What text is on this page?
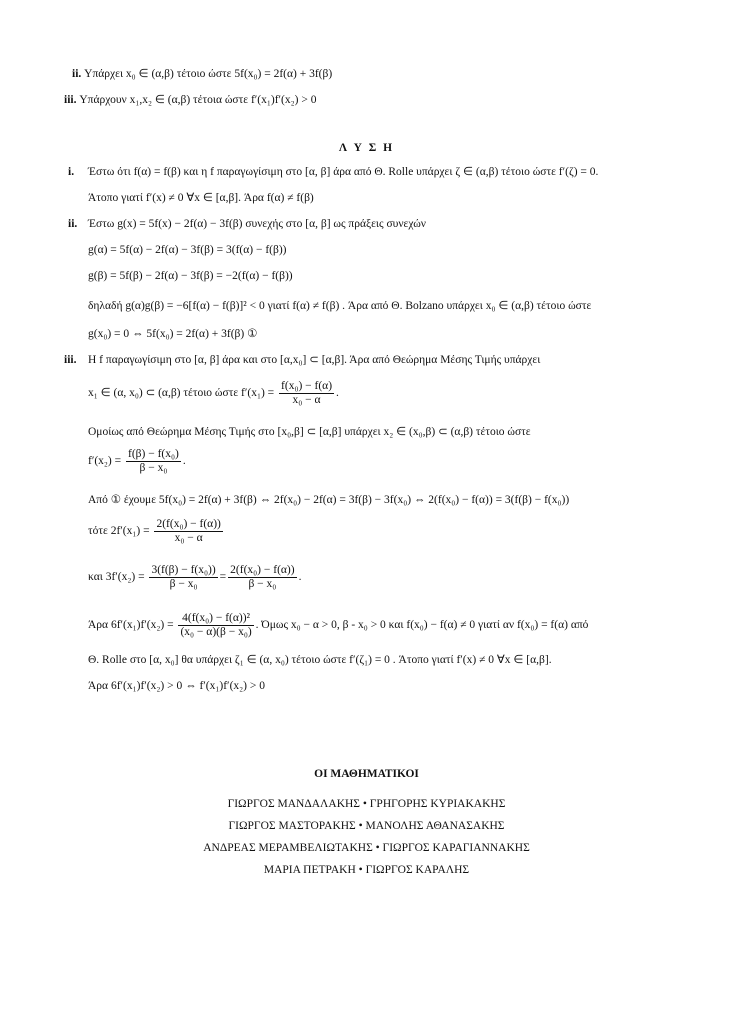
ii. Υπάρχει x₀ ∈ (α,β) τέτοιο ώστε 5f(x₀) = 2f(α) + 3f(β)
iii. Υπάρχουν x₁,x₂ ∈ (α,β) τέτοια ώστε f′(x₁)f′(x₂) > 0
Λ Υ Σ Η
i. Έστω ότι f(α) = f(β) και η f παραγωγίσιμη στο [α, β] άρα από Θ. Rolle υπάρχει ζ ∈ (α,β) τέτοιο ώστε f′(ζ) = 0.
Άτοπο γιατί f′(x) ≠ 0 ∀x ∈ [α,β]. Άρα f(α) ≠ f(β)
ii. Έστω g(x) = 5f(x) − 2f(α) − 3f(β) συνεχής στο [α, β] ως πράξεις συνεχών
g(α) = 5f(α) − 2f(α) − 3f(β) = 3(f(α) − f(β))
g(β) = 5f(β) − 2f(α) − 3f(β) = −2(f(α) − f(β))
δηλαδή g(α)g(β) = −6[f(α) − f(β)]² < 0 γιατί f(α) ≠ f(β) . Άρα από Θ. Bolzano υπάρχει x₀ ∈ (α,β) τέτοιο ώστε
g(x₀) = 0 ⇔ 5f(x₀) = 2f(α) + 3f(β) ①
iii. Η f παραγωγίσιμη στο [α, β] άρα και στο [α,x₀] ⊂ [α,β]. Άρα από Θεώρημα Μέσης Τιμής υπάρχει
x₁ ∈ (α, x₀) ⊂ (α,β) τέτοιο ώστε $f'(x_1) = \frac{\text{f(x₀) − f(α)}}{\text{x₀ − α}}$ .
Ομοίως από Θεώρημα Μέσης Τιμής στο [x₀,β] ⊂ [α,β] υπάρχει x₂ ∈ (x₀,β) ⊂ (α,β) τέτοιο ώστε
$f'(x_2) = \frac{\text{f(β) − f(x₀)}}{\text{β − x₀}}$ .
Από ① έχουμε 5f(x₀) = 2f(α) + 3f(β) ⇔ 2f(x₀) − 2f(α) = 3f(β) − 3f(x₀) ⇔ 2(f(x₀) − f(α)) = 3(f(β) − f(x₀))
τότε $2f'(x_1) = \frac{\text{2(f(x₀) − f(α))}}{\text{x₀ − α}}$
και $3f'(x_2) = \frac{\text{3(f(β) − f(x₀))}}{\text{β − x₀}} = \frac{\text{2(f(x₀) − f(α))}}{\text{β − x₀}}$ .
Άρα $6f'(x_1)f'(x_2) = \frac{\text{4(f(x₀) − f(α))²}}{\text{(x₀ − α)(β − x₀)}}$ . Όμως x₀ − α > 0, β - x₀ > 0 και f(x₀) − f(α) ≠ 0 γιατί αν f(x₀) = f(α) από
Θ. Rolle στο [α, x₀] θα υπάρχει ζ₁ ∈ (α, x₀) τέτοιο ώστε f′(ζ₁) = 0 . Άτοπο γιατί f′(x) ≠ 0 ∀x ∈ [α,β].
Άρα 6f′(x₁)f′(x₂) > 0 ⇔ f′(x₁)f′(x₂) > 0
ΟΙ ΜΑΘΗΜΑΤΙΚΟΙ
ΓΙΩΡΓΟΣ ΜΑΝΔΑΛΑΚΗΣ • ΓΡΗΓΟΡΗΣ ΚΥΡΙΑΚΑΚΗΣ
ΓΙΩΡΓΟΣ ΜΑΣΤΟΡΑΚΗΣ • ΜΑΝΟΛΗΣ ΑΘΑΝΑΣΑΚΗΣ
ΑΝΔΡΕΑΣ ΜΕΡΑΜΒΕΛΙΩΤΑΚΗΣ • ΓΙΩΡΓΟΣ ΚΑΡΑΓΙΑΝΝΑΚΗΣ
ΜΑΡΙΑ ΠΕΤΡΑΚΗ • ΓΙΩΡΓΟΣ ΚΑΡΑΛΗΣ
